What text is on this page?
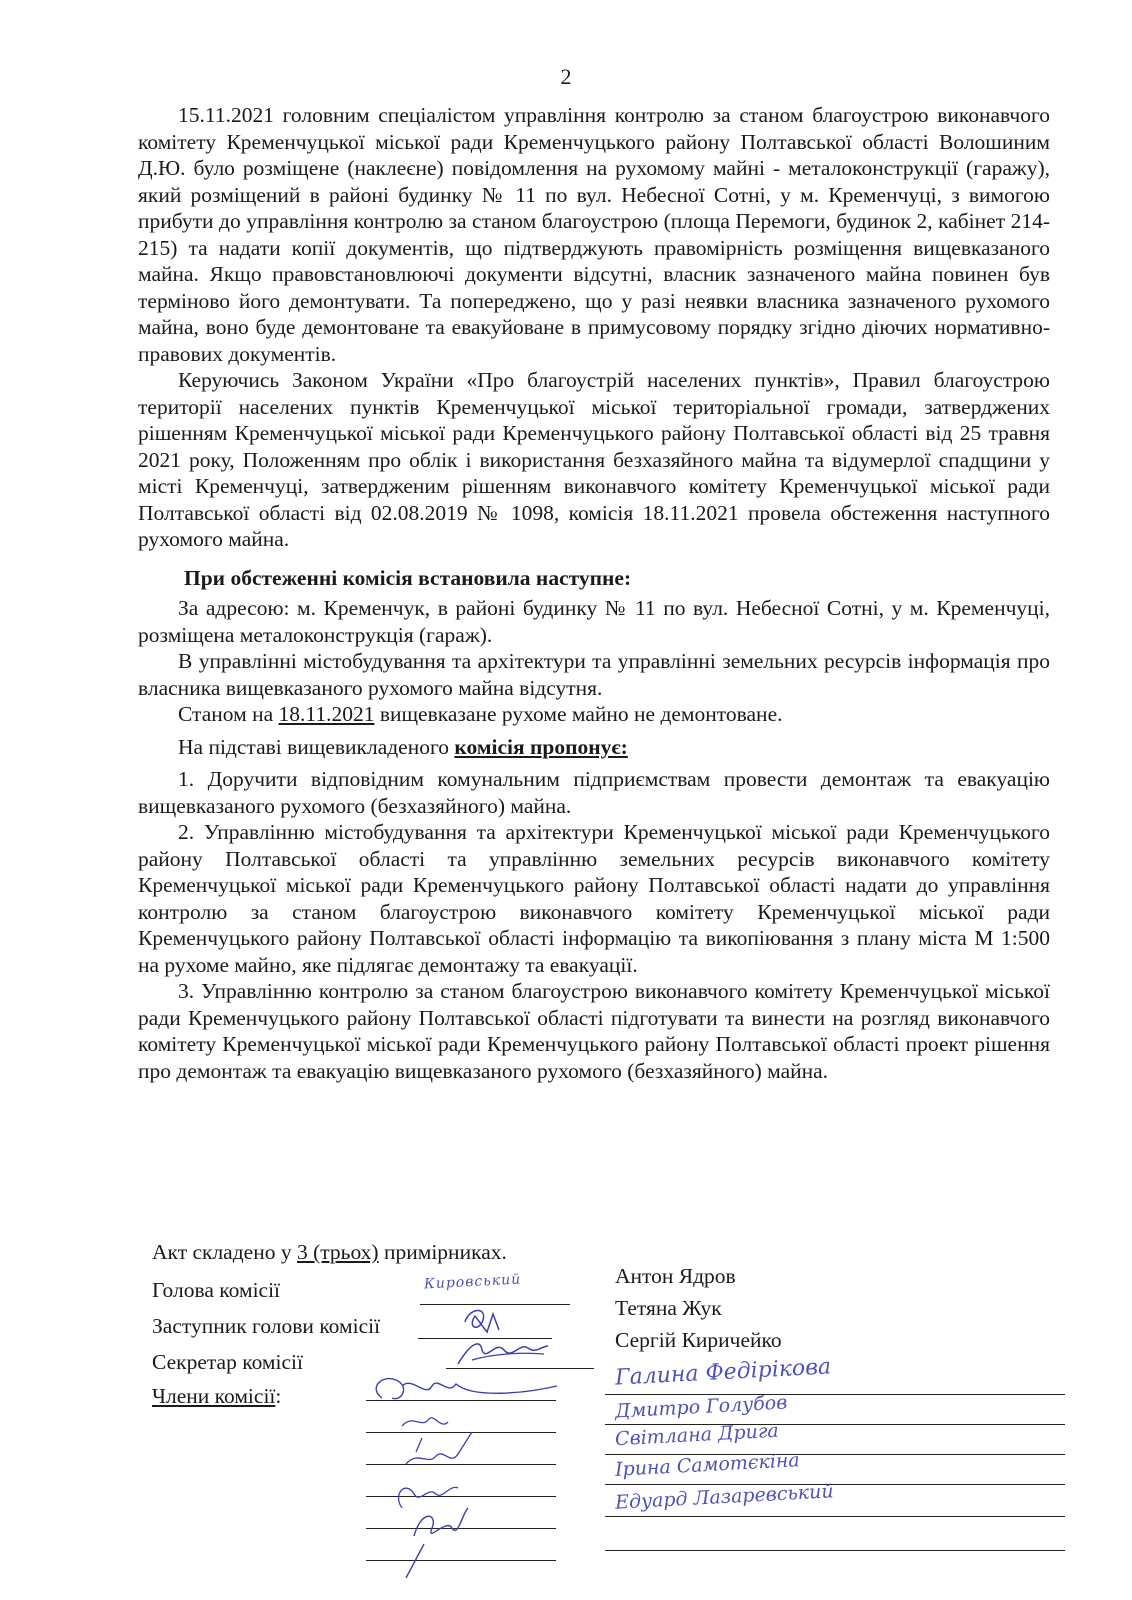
2

15.11.2021 головним спеціалістом управління контролю за станом благоустрою виконавчого комітету Кременчуцької міської ради Кременчуцького району Полтавської області Волошиним Д.Ю. було розміщене (наклеєне) повідомлення на рухомому майні - металоконструкції (гаражу), який розміщений в районі будинку № 11 по вул. Небесної Сотні, у м. Кременчуці, з вимогою прибути до управління контролю за станом благоустрою (площа Перемоги, будинок 2, кабінет 214-215) та надати копії документів, що підтверджують правомірність розміщення вищевказаного майна. Якщо правовстановлюючі документи відсутні, власник зазначеного майна повинен був терміново його демонтувати. Та попереджено, що у разі неявки власника зазначеного рухомого майна, воно буде демонтоване та евакуйоване в примусовому порядку згідно діючих нормативно-правових документів.

Керуючись Законом України «Про благоустрій населених пунктів», Правил благоустрою території населених пунктів Кременчуцької міської територіальної громади, затверджених рішенням Кременчуцької міської ради Кременчуцького району Полтавської області від 25 травня 2021 року, Положенням про облік і використання безхазяйного майна та відумерлої спадщини у місті Кременчуці, затвердженим рішенням виконавчого комітету Кременчуцької міської ради Полтавської області від 02.08.2019 № 1098, комісія 18.11.2021 провела обстеження наступного рухомого майна.

При обстеженні комісія встановила наступне:

За адресою: м. Кременчук, в районі будинку № 11 по вул. Небесної Сотні, у м. Кременчуці, розміщена металоконструкція (гараж).

В управлінні містобудування та архітектури та управлінні земельних ресурсів інформація про власника вищевказаного рухомого майна відсутня.

Станом на 18.11.2021 вищевказане рухоме майно не демонтоване.

На підставі вищевикладеного комісія пропонує:

1. Доручити відповідним комунальним підприємствам провести демонтаж та евакуацію вищевказаного рухомого (безхазяйного) майна.

2. Управлінню містобудування та архітектури Кременчуцької міської ради Кременчуцького району Полтавської області та управлінню земельних ресурсів виконавчого комітету Кременчуцької міської ради Кременчуцького району Полтавської області надати до управління контролю за станом благоустрою виконавчого комітету Кременчуцької міської ради Кременчуцького району Полтавської області інформацію та викопіювання з плану міста М 1:500 на рухоме майно, яке підлягає демонтажу та евакуації.

3. Управлінню контролю за станом благоустрою виконавчого комітету Кременчуцької міської ради Кременчуцького району Полтавської області підготувати та винести на розгляд виконавчого комітету Кременчуцької міської ради Кременчуцького району Полтавської області проект рішення про демонтаж та евакуацію вищевказаного рухомого (безхазяйного) майна.

Акт складено у 3 (трьох) примірниках.
Голова комісії	Кировський	Антон Ядров
Заступник голови комісії
Тетяна Жук
Секретар комісії
Сергій Киричейко
Члени комісії:
Галина Федірікова
Дмитро Голубов
Світлана Дрига
Ірина Самотєкіна
Едуард Лазаревський
